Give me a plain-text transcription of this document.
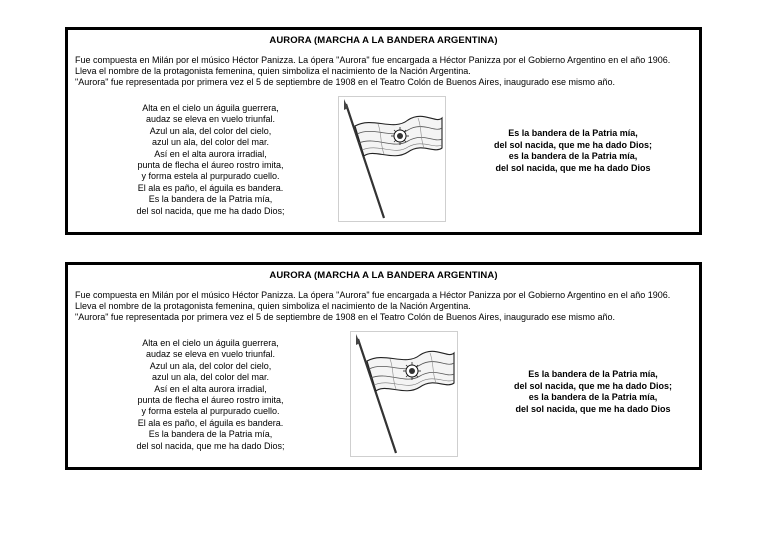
AURORA (MARCHA A LA BANDERA ARGENTINA)

Fue compuesta en Milán por el músico Héctor Panizza. La ópera "Aurora" fue encargada a Héctor Panizza por el Gobierno Argentino en el año 1906. Lleva el nombre de la protagonista femenina, quien simboliza el nacimiento de la Nación Argentina.

"Aurora" fue representada por primera vez el 5 de septiembre de 1908 en el Teatro Colón de Buenos Aires, inaugurado ese mismo año.

Alta en el cielo un águila guerrera,
audaz se eleva en vuelo triunfal.
Azul un ala, del color del cielo,
azul un ala, del color del mar.
Así en el alta aurora irradial,
punta de flecha el áureo rostro imita,
y forma estela al purpurado cuello.
El ala es paño, el águila es bandera.
Es la bandera de la Patria mía,
del sol nacida, que me ha dado Dios;
Es la bandera de la Patria mía,
del sol nacida, que me ha dado Dios;
es la bandera de la Patria mía,
del sol nacida, que me ha dado Dios
AURORA (MARCHA A LA BANDERA ARGENTINA)

Fue compuesta en Milán por el músico Héctor Panizza. La ópera "Aurora" fue encargada a Héctor Panizza por el Gobierno Argentino en el año 1906. Lleva el nombre de la protagonista femenina, quien simboliza el nacimiento de la Nación Argentina.

"Aurora" fue representada por primera vez el 5 de septiembre de 1908 en el Teatro Colón de Buenos Aires, inaugurado ese mismo año.

Alta en el cielo un águila guerrera,
audaz se eleva en vuelo triunfal.
Azul un ala, del color del cielo,
azul un ala, del color del mar.
Así en el alta aurora irradial,
punta de flecha el áureo rostro imita,
y forma estela al purpurado cuello.
El ala es paño, el águila es bandera.
Es la bandera de la Patria mía,
del sol nacida, que me ha dado Dios;
Es la bandera de la Patria mía,
del sol nacida, que me ha dado Dios;
es la bandera de la Patria mía,
del sol nacida, que me ha dado Dios
